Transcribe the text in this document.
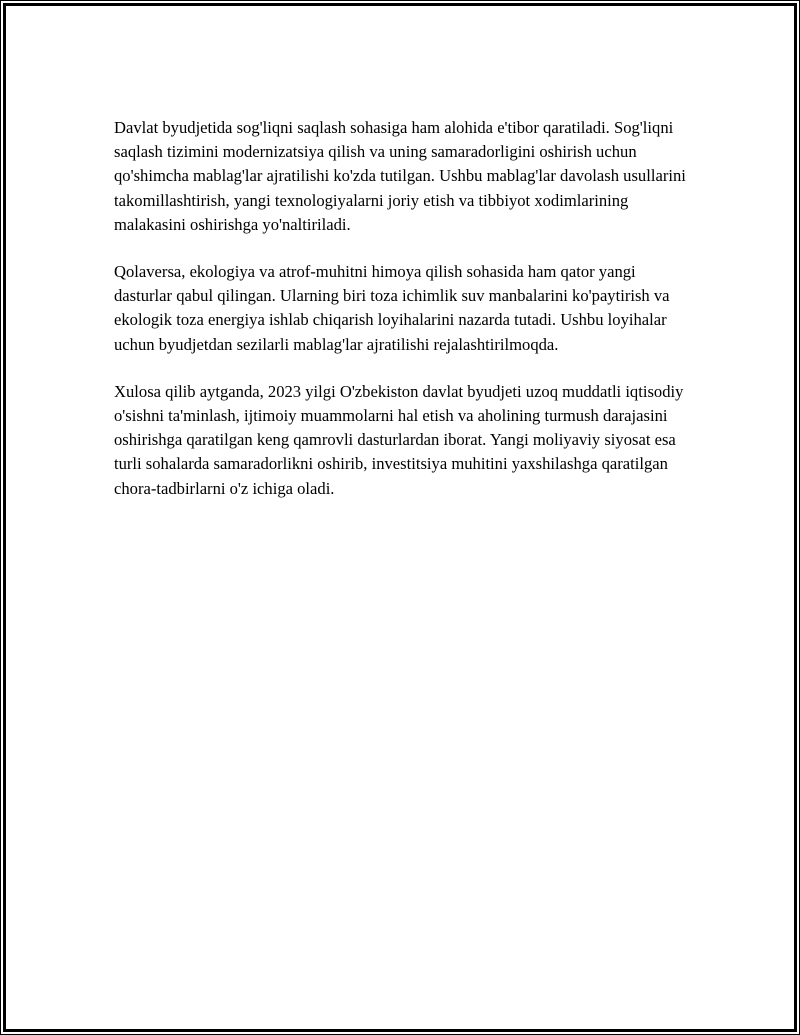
Davlat byudjetida sog'liqni saqlash sohasiga ham alohida e'tibor qaratiladi. Sog'liqni saqlash tizimini modernizatsiya qilish va uning samaradorligini oshirish uchun qo'shimcha mablag'lar ajratilishi ko'zda tutilgan. Ushbu mablag'lar davolash usullarini takomillashtirish, yangi texnologiyalarni joriy etish va tibbiyot xodimlarining malakasini oshirishga yo'naltiriladi.

Qolaversa, ekologiya va atrof-muhitni himoya qilish sohasida ham qator yangi dasturlar qabul qilingan. Ularning biri toza ichimlik suv manbalarini ko'paytirish va ekologik toza energiya ishlab chiqarish loyihalarini nazarda tutadi. Ushbu loyihalar uchun byudjetdan sezilarli mablag'lar ajratilishi rejalashtirilmoqda.

Xulosa qilib aytganda, 2023 yilgi O'zbekiston davlat byudjeti uzoq muddatli iqtisodiy o'sishni ta'minlash, ijtimoiy muammolarni hal etish va aholining turmush darajasini oshirishga qaratilgan keng qamrovli dasturlardan iborat. Yangi moliyaviy siyosat esa turli sohalarda samaradorlikni oshirib, investitsiya muhitini yaxshilashga qaratilgan chora-tadbirlarni o'z ichiga oladi.
